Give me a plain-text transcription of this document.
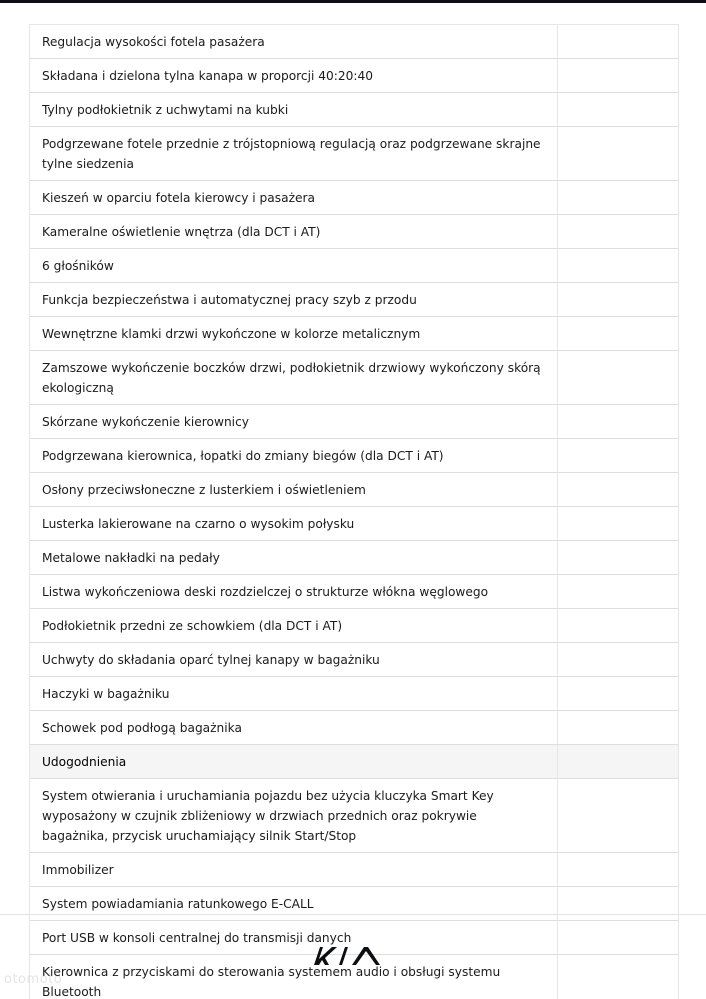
Regulacja wysokości fotela pasażera
Składana i dzielona tylna kanapa w proporcji 40:20:40
Tylny podłokietnik z uchwytami na kubki
Podgrzewane fotele przednie z trójstopniową regulacją oraz podgrzewane skrajne tylne siedzenia
Kieszeń w oparciu fotela kierowcy i pasażera
Kameralne oświetlenie wnętrza (dla DCT i AT)
6 głośników
Funkcja bezpieczeństwa i automatycznej pracy szyb z przodu
Wewnętrzne klamki drzwi wykończone w kolorze metalicznym
Zamszowe wykończenie boczków drzwi, podłokietnik drzwiowy wykończony skórą ekologiczną
Skórzane wykończenie kierownicy
Podgrzewana kierownica, łopatki do zmiany biegów (dla DCT i AT)
Osłony przeciwsłoneczne z lusterkiem i oświetleniem
Lusterka lakierowane na czarno o wysokim połysku
Metalowe nakładki na pedały
Listwa wykończeniowa deski rozdzielczej o strukturze włókna węglowego
Podłokietnik przedni ze schowkiem (dla DCT i AT)
Uchwyty do składania oparć tylnej kanapy w bagażniku
Haczyki w bagażniku
Schowek pod podłogą bagażnika
Udogodnienia
System otwierania i uruchamiania pojazdu bez użycia kluczyka Smart Key wyposażony w czujnik zbliżeniowy w drzwiach przednich oraz pokrywie bagażnika, przycisk uruchamiający silnik Start/Stop
Immobilizer
System powiadamiania ratunkowego E-CALL
Port USB w konsoli centralnej do transmisji danych
Kierownica z przyciskami do sterowania systemem audio i obsługi systemu Bluetooth
otomoto
